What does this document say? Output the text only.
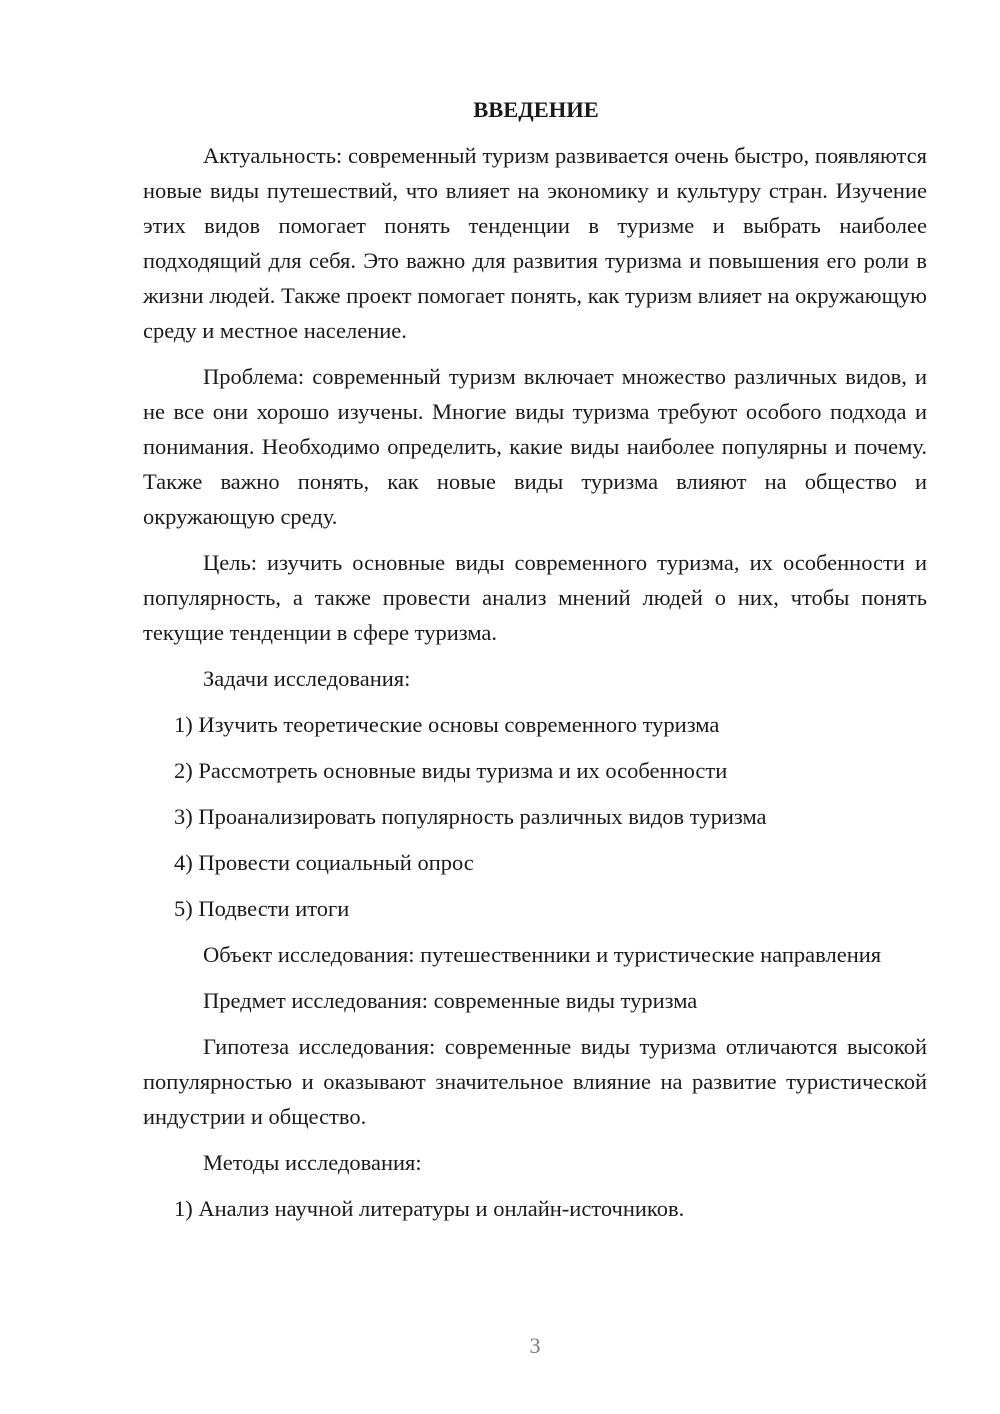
ВВЕДЕНИЕ

Актуальность: современный туризм развивается очень быстро, появляются новые виды путешествий, что влияет на экономику и культуру стран. Изучение этих видов помогает понять тенденции в туризме и выбрать наиболее подходящий для себя. Это важно для развития туризма и повышения его роли в жизни людей. Также проект помогает понять, как туризм влияет на окружающую среду и местное население.

Проблема: современный туризм включает множество различных видов, и не все они хорошо изучены. Многие виды туризма требуют особого подхода и понимания. Необходимо определить, какие виды наиболее популярны и почему. Также важно понять, как новые виды туризма влияют на общество и окружающую среду.

Цель: изучить основные виды современного туризма, их особенности и популярность, а также провести анализ мнений людей о них, чтобы понять текущие тенденции в сфере туризма.

Задачи исследования:

1) Изучить теоретические основы современного туризма

2) Рассмотреть основные виды туризма и их особенности

3) Проанализировать популярность различных видов туризма

4) Провести социальный опрос

5) Подвести итоги

Объект исследования: путешественники и туристические направления

Предмет исследования: современные виды туризма

Гипотеза исследования: современные виды туризма отличаются высокой популярностью и оказывают значительное влияние на развитие туристической индустрии и общество.

Методы исследования:

1) Анализ научной литературы и онлайн-источников.

3
